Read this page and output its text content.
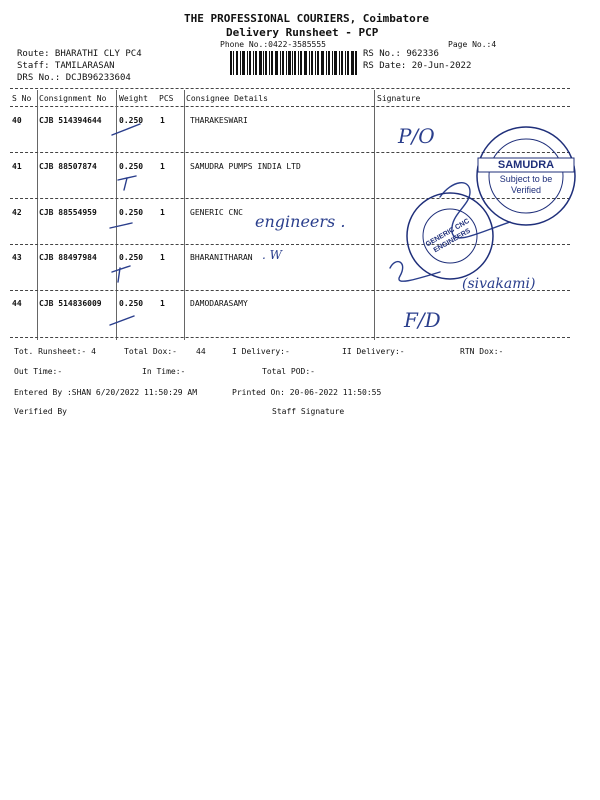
THE PROFESSIONAL COURIERS, Coimbatore
Delivery Runsheet - PCP
Phone No.:0422-3585555	Page No.:4
Route: BHARATHI CLY PC4
Staff: TAMILARASAN
DRS No.: DCJB96233604
RS No.: 962336
RS Date: 20-Jun-2022
S No Consignment No Weight PCS Consignee Details	Signature
40 CJB 514394644 0.250 1	THARAKESWARI
41 CJB 88507874	0.250 1	SAMUDRA PUMPS INDIA LTD
42 CJB 88554959	0.250 1	GENERIC CNC
43 CJB 88497984	0.250 1	BHARANITHARAN
44 CJB 514836009 0.250 1	DAMODARASAMY
P/O
engineers .
. W
(sivakami)
F/D
SAMUDRA
Subject to be
Verified
GENERIC CNC ENGINEERS
Tot. Runsheet:- 4	Total Dox:- 44	I Delivery:-	II Delivery:-	RTN Dox:-
Out Time:-	In Time:-	Total POD:-
Entered By :SHAN 6/20/2022 11:50:29 AM	Printed On: 20-06-2022 11:50:55
Verified By	Staff Signature
